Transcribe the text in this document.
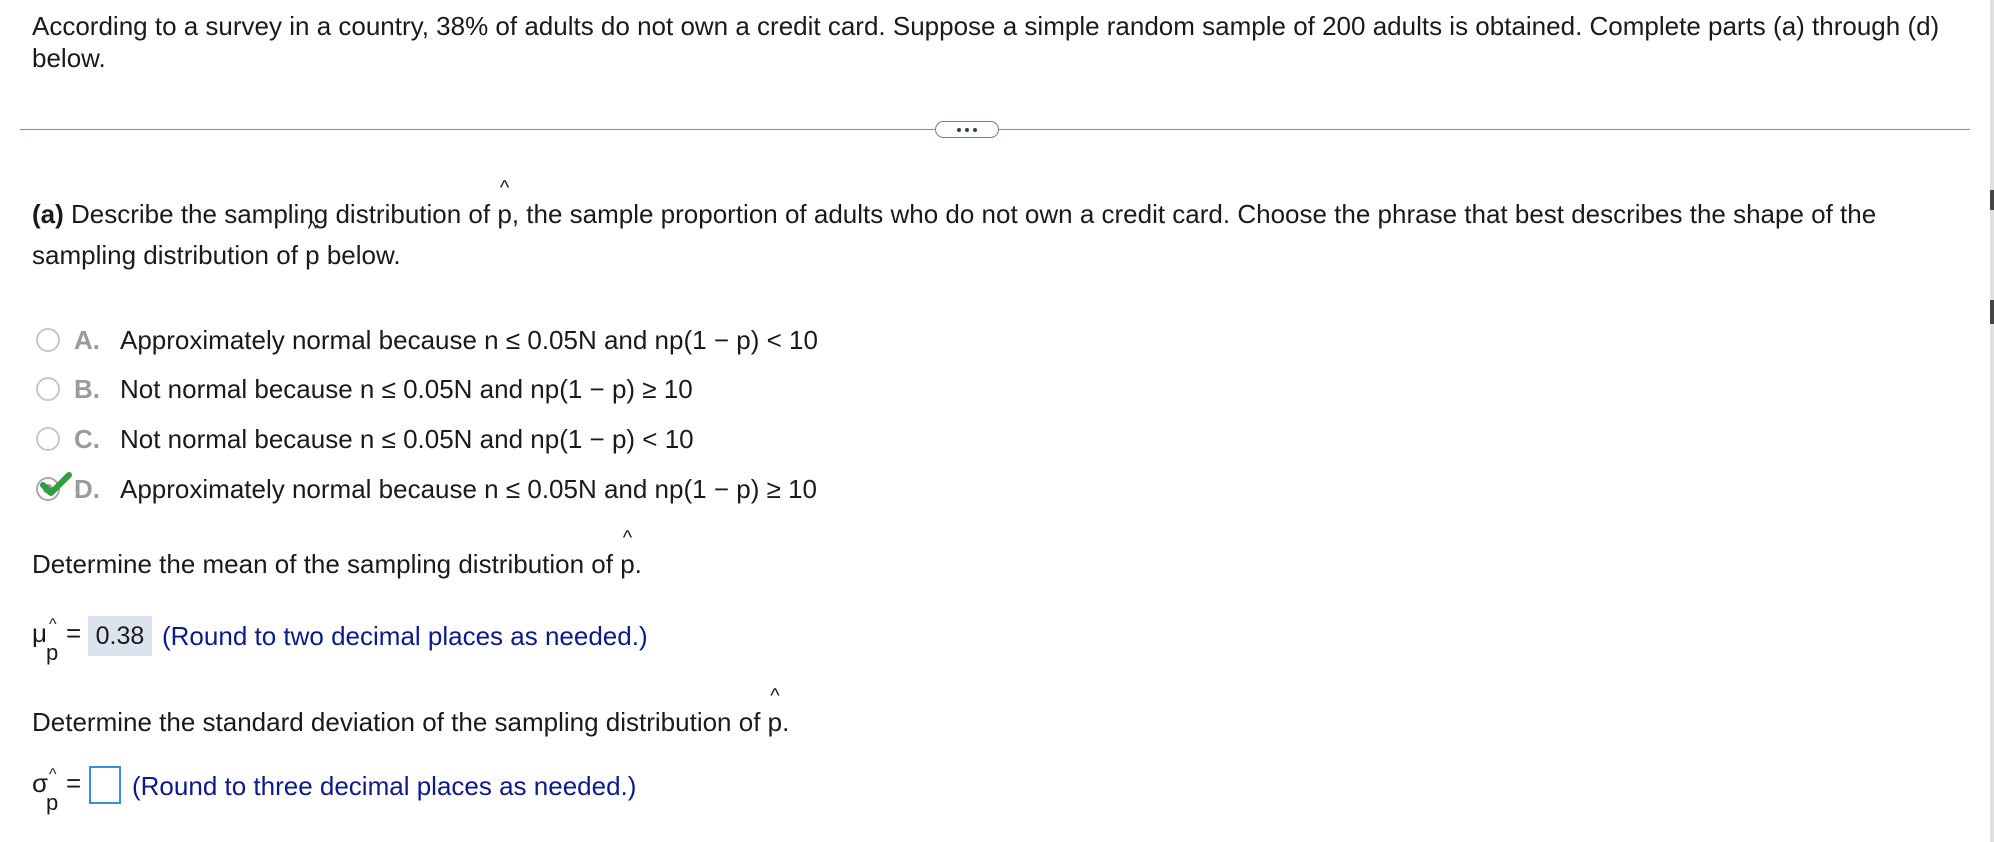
According to a survey in a country, 38% of adults do not own a credit card. Suppose a simple random sample of 200 adults is obtained. Complete parts (a) through (d) below.
(a) Describe the sampling distribution of ^ p, the sample proportion of adults who do not own a credit card. Choose the phrase that best describes the shape of the
sampling distribution of ^ p below.
A. Approximately normal because n ≤ 0.05N and np(1 − p) < 10
B. Not normal because n ≤ 0.05N and np(1 − p) ≥ 10
C. Not normal because n ≤ 0.05N and np(1 − p) < 10
D. Approximately normal because n ≤ 0.05N and np(1 − p) ≥ 10
Determine the mean of the sampling distribution of ^ p.
μ ^
p
= 0.38 (Round to two decimal places as needed.)
Determine the standard deviation of the sampling distribution of ^ p.
σ ^
p
= (Round to three decimal places as needed.)
